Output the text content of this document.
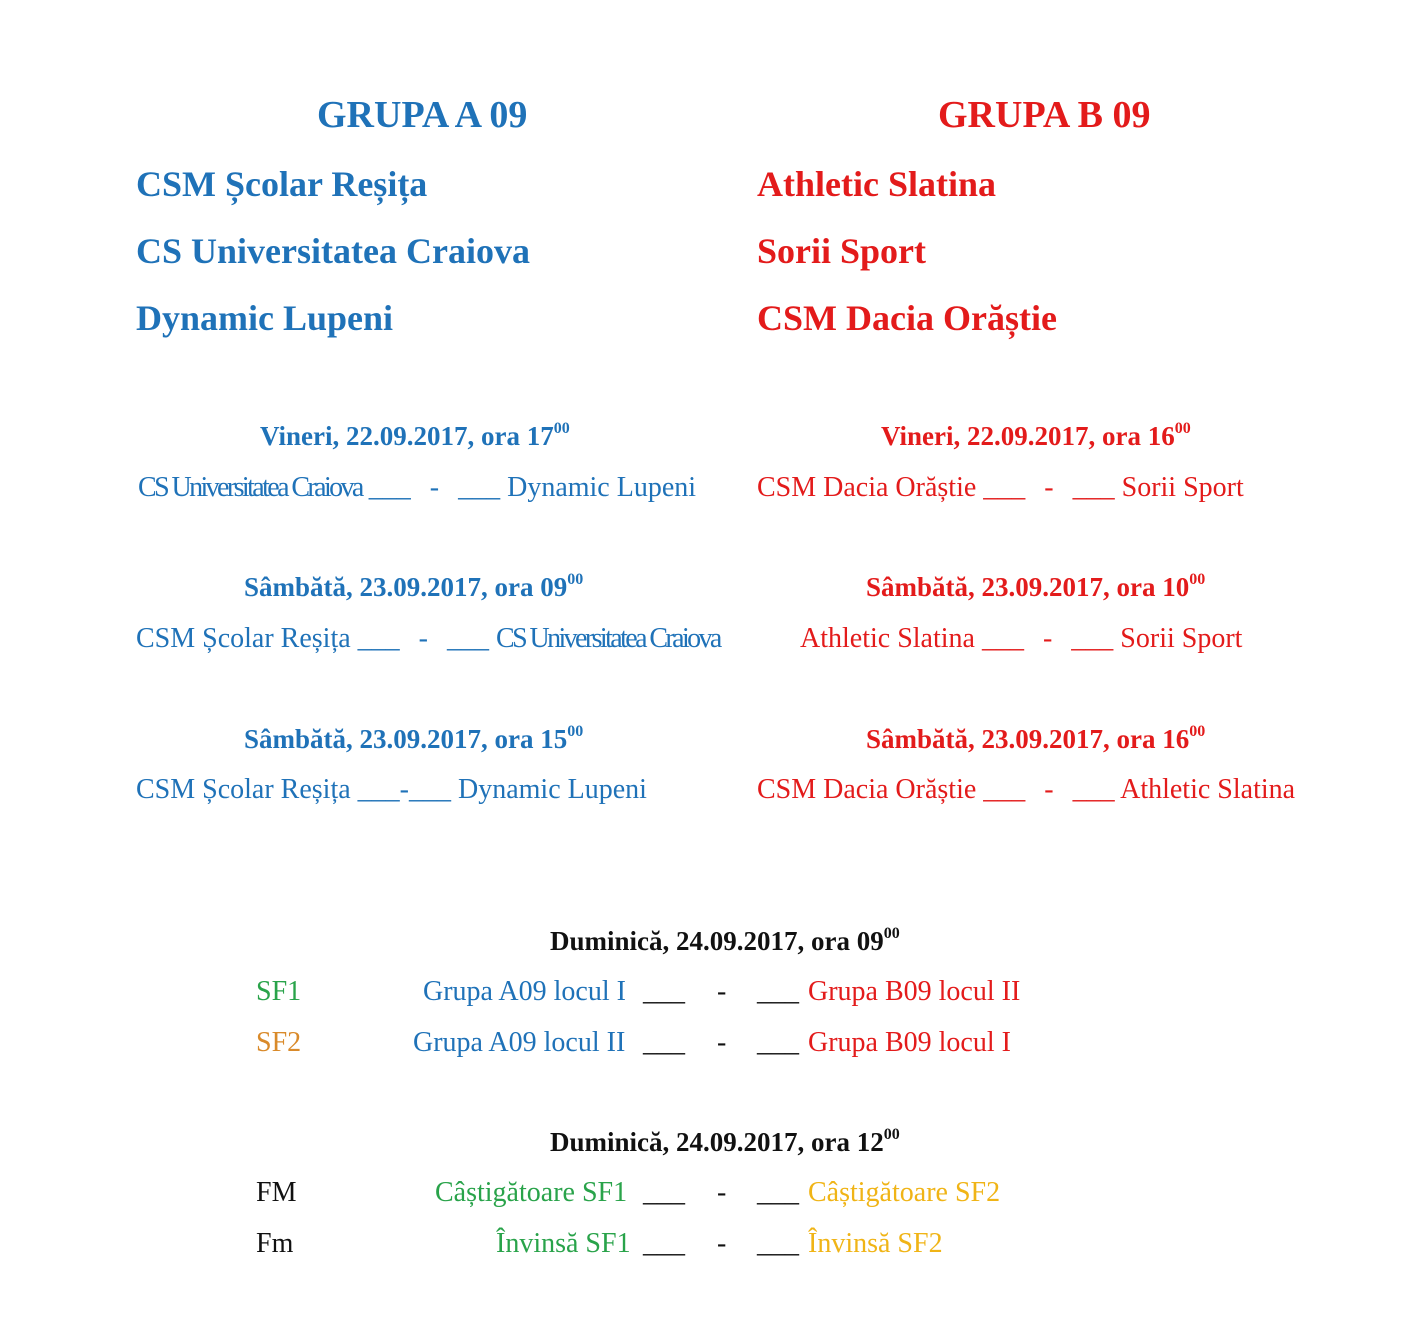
GRUPA A 09	GRUPA B 09
CSM Școlar Reșița
CS Universitatea Craiova
Dynamic Lupeni
Athletic Slatina
Sorii Sport
CSM Dacia Orăștie
Vineri, 22.09.2017, ora $17^{00}$
CS Universitatea Craiova ___ - ___ Dynamic Lupeni
Sâmbătă, 23.09.2017, ora $09^{00}$
CSM Școlar Reșița ___ - ___ CS Universitatea Craiova
Sâmbătă, 23.09.2017, ora $15^{00}$
CSM Școlar Reșița ___-___ Dynamic Lupeni
Vineri, 22.09.2017, ora $16^{00}$
CSM Dacia Orăștie ___ - ___ Sorii Sport
Sâmbătă, 23.09.2017, ora $10^{00}$
Athletic Slatina ___ - ___ Sorii Sport
Sâmbătă, 23.09.2017, ora $16^{00}$
CSM Dacia Orăștie ___ - ___ Athletic Slatina
Duminică, 24.09.2017, ora $09^{00}$
SF1	Grupa A09 locul I ___ - ___ Grupa B09 locul II
SF2	Grupa A09 locul II ___ - ___ Grupa B09 locul I
Duminică, 24.09.2017, ora $12^{00}$
FM	Câștigătoare SF1 ___ - ___ Câștigătoare SF2
Fm	Învinsă SF1 ___ - ___ Învinsă SF2
